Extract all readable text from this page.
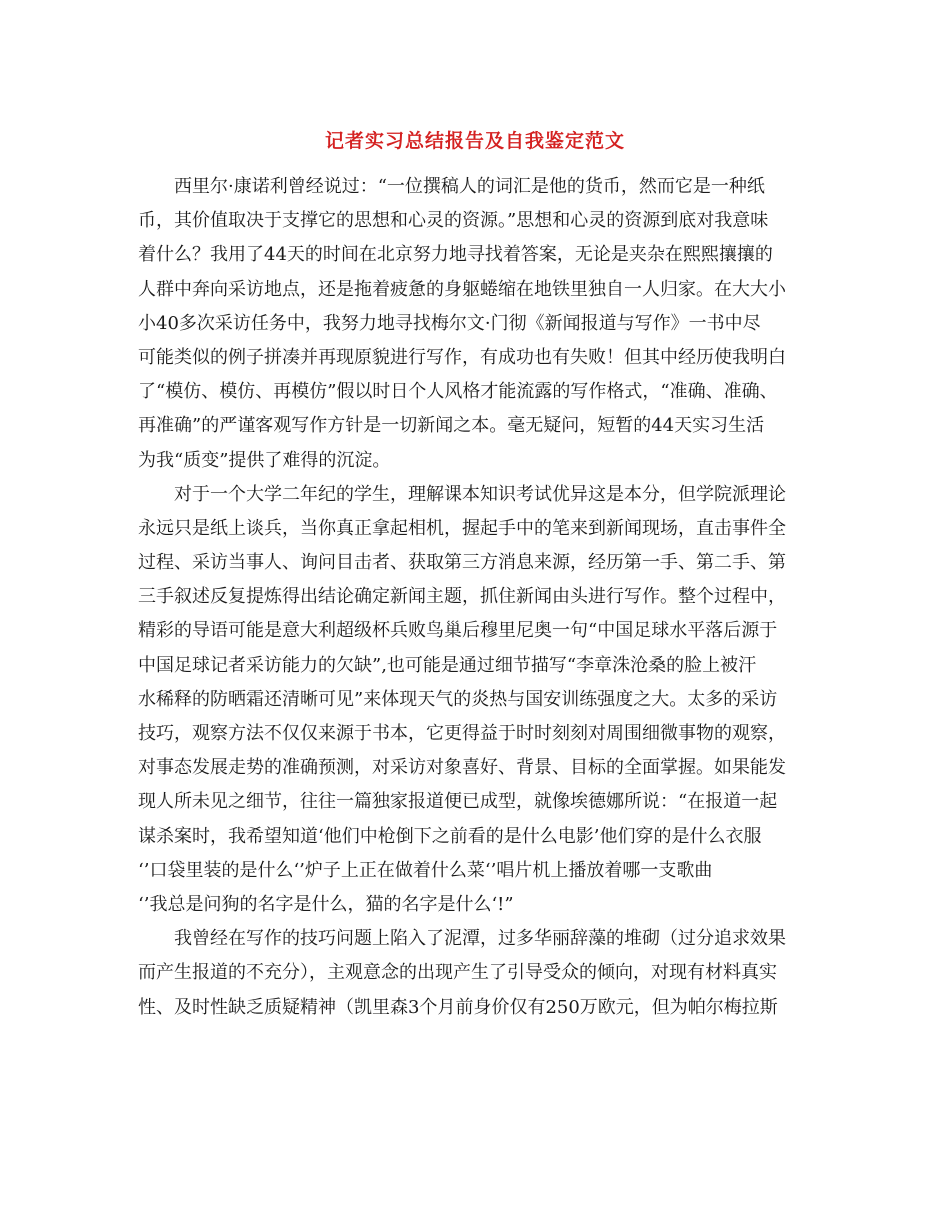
记者实习总结报告及自我鉴定范文
西里尔·康诺利曾经说过：“一位撰稿人的词汇是他的货币，然而它是一种纸
币，其价值取决于支撑它的思想和心灵的资源。”思想和心灵的资源到底对我意味
着什么？我用了44天的时间在北京努力地寻找着答案，无论是夹杂在熙熙攘攘的
人群中奔向采访地点，还是拖着疲惫的身躯蜷缩在地铁里独自一人归家。在大大小
小40多次采访任务中，我努力地寻找梅尔文·门彻《新闻报道与写作》一书中尽
可能类似的例子拼凑并再现原貌进行写作，有成功也有失败！但其中经历使我明白
了“模仿、模仿、再模仿”假以时日个人风格才能流露的写作格式，“准确、准确、
再准确”的严谨客观写作方针是一切新闻之本。毫无疑问，短暂的44天实习生活
为我“质变”提供了难得的沉淀。
对于一个大学二年纪的学生，理解课本知识考试优异这是本分，但学院派理论
永远只是纸上谈兵，当你真正拿起相机，握起手中的笔来到新闻现场，直击事件全
过程、采访当事人、询问目击者、获取第三方消息来源，经历第一手、第二手、第
三手叙述反复提炼得出结论确定新闻主题，抓住新闻由头进行写作。整个过程中，
精彩的导语可能是意大利超级杯兵败鸟巢后穆里尼奥一句“中国足球水平落后源于
中国足球记者采访能力的欠缺”,也可能是通过细节描写“李章洙沧桑的脸上被汗
水稀释的防晒霜还清晰可见”来体现天气的炎热与国安训练强度之大。太多的采访
技巧，观察方法不仅仅来源于书本，它更得益于时时刻刻对周围细微事物的观察，
对事态发展走势的准确预测，对采访对象喜好、背景、目标的全面掌握。如果能发
现人所未见之细节，往往一篇独家报道便已成型，就像埃德娜所说：“在报道一起
谋杀案时，我希望知道‘他们中枪倒下之前看的是什么电影’他们穿的是什么衣服
‘’口袋里装的是什么‘’炉子上正在做着什么菜‘’唱片机上播放着哪一支歌曲
‘’我总是问狗的名字是什么，猫的名字是什么‘!”
我曾经在写作的技巧问题上陷入了泥潭，过多华丽辞藻的堆砌（过分追求效果
而产生报道的不充分），主观意念的出现产生了引导受众的倾向，对现有材料真实
性、及时性缺乏质疑精神（凯里森3个月前身价仅有250万欧元，但为帕尔梅拉斯
